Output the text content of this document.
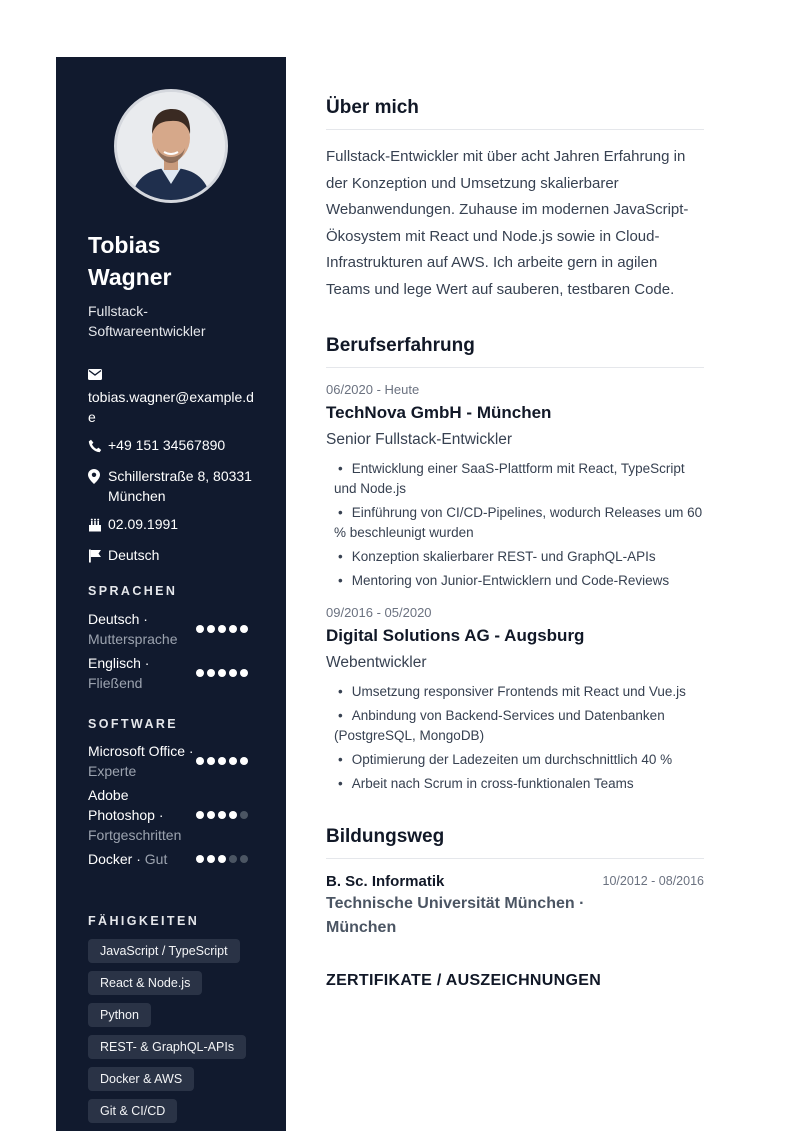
Tobias
Wagner
Fullstack-Softwareentwickler
tobias.wagner@example.de
+49 151 34567890
Schillerstraße 8, 80331 München
02.09.1991
Deutsch
SPRACHEN
Deutsch · Muttersprache
Englisch · Fließend
SOFTWARE
Microsoft Office · Experte
Adobe Photoshop · Fortgeschritten
Docker · Gut
FÄHIGKEITEN
JavaScript / TypeScript
React & Node.js
Python
REST- & GraphQL-APIs
Docker & AWS
Git & CI/CD
Über mich

Fullstack-Entwickler mit über acht Jahren Erfahrung in der Konzeption und Umsetzung skalierbarer Webanwendungen. Zuhause im modernen JavaScript-Ökosystem mit React und Node.js sowie in Cloud-Infrastrukturen auf AWS. Ich arbeite gern in agilen Teams und lege Wert auf sauberen, testbaren Code.

Berufserfahrung
06/2020 - Heute
TechNova GmbH - München
Senior Fullstack-Entwickler
• Entwicklung einer SaaS-Plattform mit React, TypeScript und Node.js
• Einführung von CI/CD-Pipelines, wodurch Releases um 60 % beschleunigt wurden
• Konzeption skalierbarer REST- und GraphQL-APIs
• Mentoring von Junior-Entwicklern und Code-Reviews
09/2016 - 05/2020
Digital Solutions AG - Augsburg
Webentwickler
• Umsetzung responsiver Frontends mit React und Vue.js
• Anbindung von Backend-Services und Datenbanken (PostgreSQL, MongoDB)
• Optimierung der Ladezeiten um durchschnittlich 40 %
• Arbeit nach Scrum in cross-funktionalen Teams
Bildungsweg
B. Sc. Informatik	10/2012 - 08/2016
Technische Universität München · München
ZERTIFIKATE / AUSZEICHNUNGEN
